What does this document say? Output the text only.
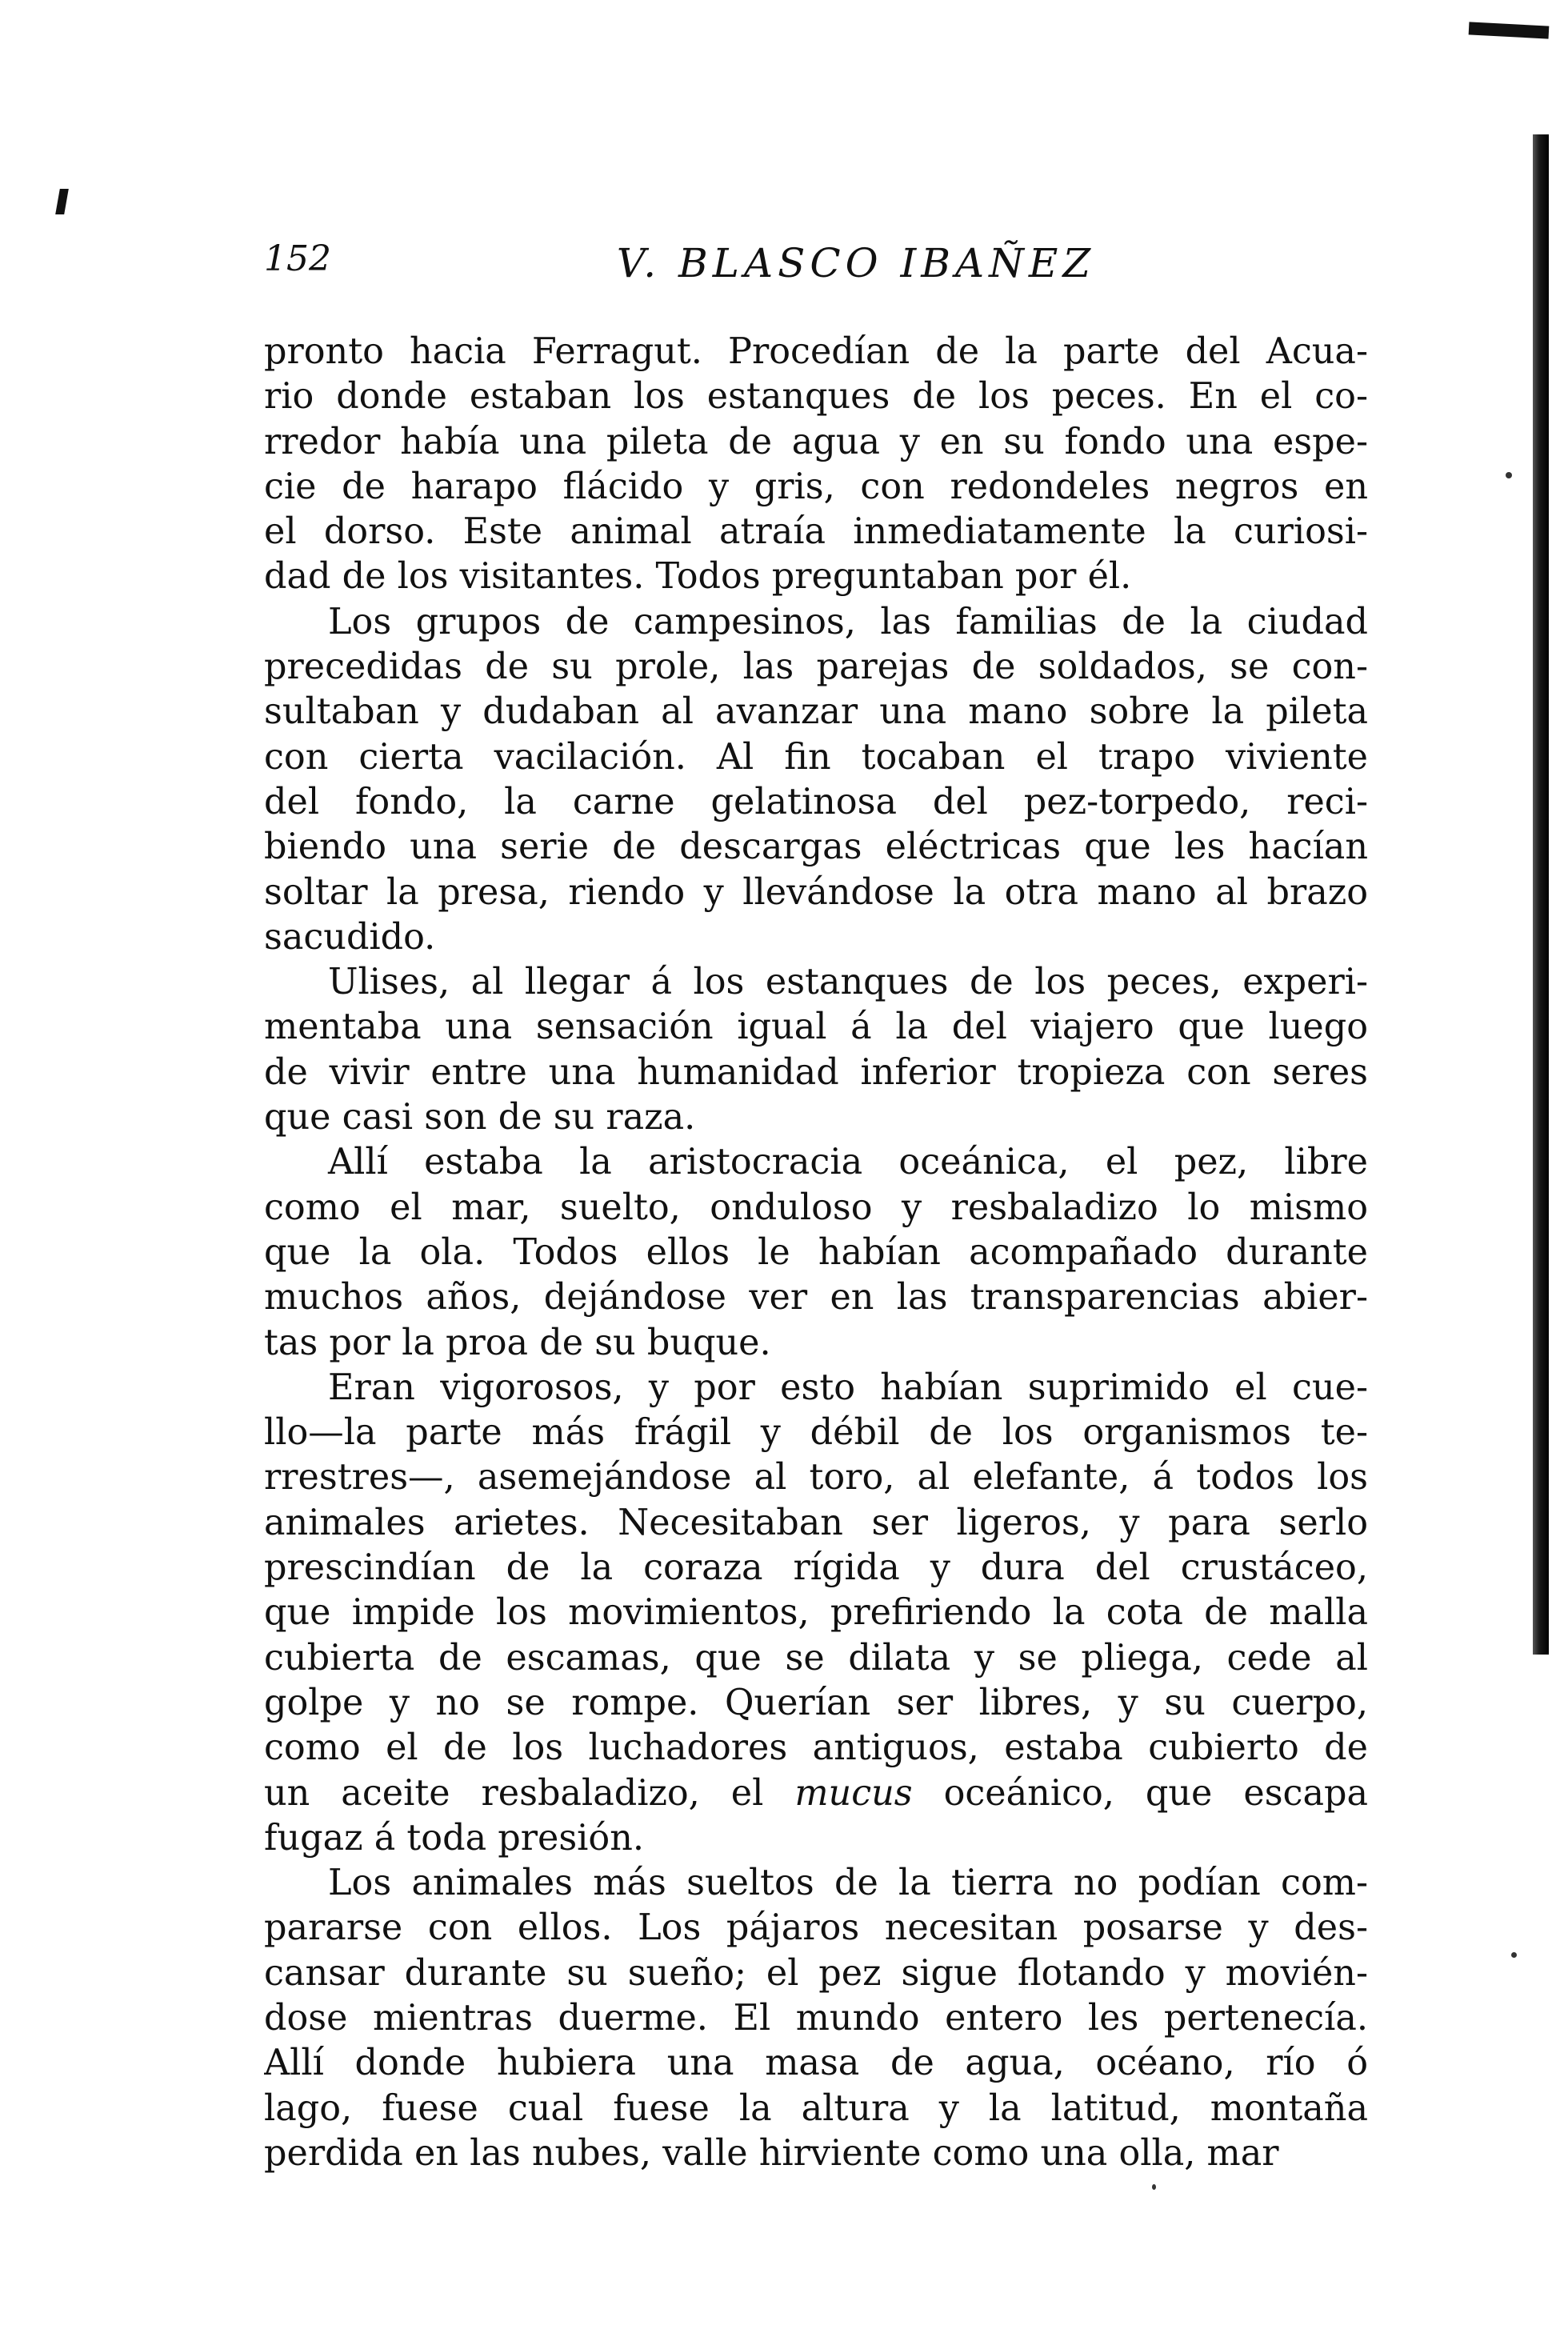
152	V. BLASCO IBAÑEZ
pronto hacia Ferragut. Procedían de la parte del Acua-
rio donde estaban los estanques de los peces. En el co-
rredor había una pileta de agua y en su fondo una espe-
cie de harapo flácido y gris, con redondeles negros en
el dorso. Este animal atraía inmediatamente la curiosi-
dad de los visitantes. Todos preguntaban por él.
Los grupos de campesinos, las familias de la ciudad
precedidas de su prole, las parejas de soldados, se con-
sultaban y dudaban al avanzar una mano sobre la pileta
con cierta vacilación. Al fin tocaban el trapo viviente
del fondo, la carne gelatinosa del pez-torpedo, reci-
biendo una serie de descargas eléctricas que les hacían
soltar la presa, riendo y llevándose la otra mano al brazo
sacudido.
Ulises, al llegar á los estanques de los peces, experi-
mentaba una sensación igual á la del viajero que luego
de vivir entre una humanidad inferior tropieza con seres
que casi son de su raza.
Allí estaba la aristocracia oceánica, el pez, libre
como el mar, suelto, onduloso y resbaladizo lo mismo
que la ola. Todos ellos le habían acompañado durante
muchos años, dejándose ver en las transparencias abier-
tas por la proa de su buque.
Eran vigorosos, y por esto habían suprimido el cue-
llo—la parte más frágil y débil de los organismos te-
rrestres—, asemejándose al toro, al elefante, á todos los
animales arietes. Necesitaban ser ligeros, y para serlo
prescindían de la coraza rígida y dura del crustáceo,
que impide los movimientos, prefiriendo la cota de malla
cubierta de escamas, que se dilata y se pliega, cede al
golpe y no se rompe. Querían ser libres, y su cuerpo,
como el de los luchadores antiguos, estaba cubierto de
un aceite resbaladizo, el mucus oceánico, que escapa
fugaz á toda presión.
Los animales más sueltos de la tierra no podían com-
pararse con ellos. Los pájaros necesitan posarse y des-
cansar durante su sueño; el pez sigue flotando y movién-
dose mientras duerme. El mundo entero les pertenecía.
Allí donde hubiera una masa de agua, océano, río ó
lago, fuese cual fuese la altura y la latitud, montaña
perdida en las nubes, valle hirviente como una olla, mar
